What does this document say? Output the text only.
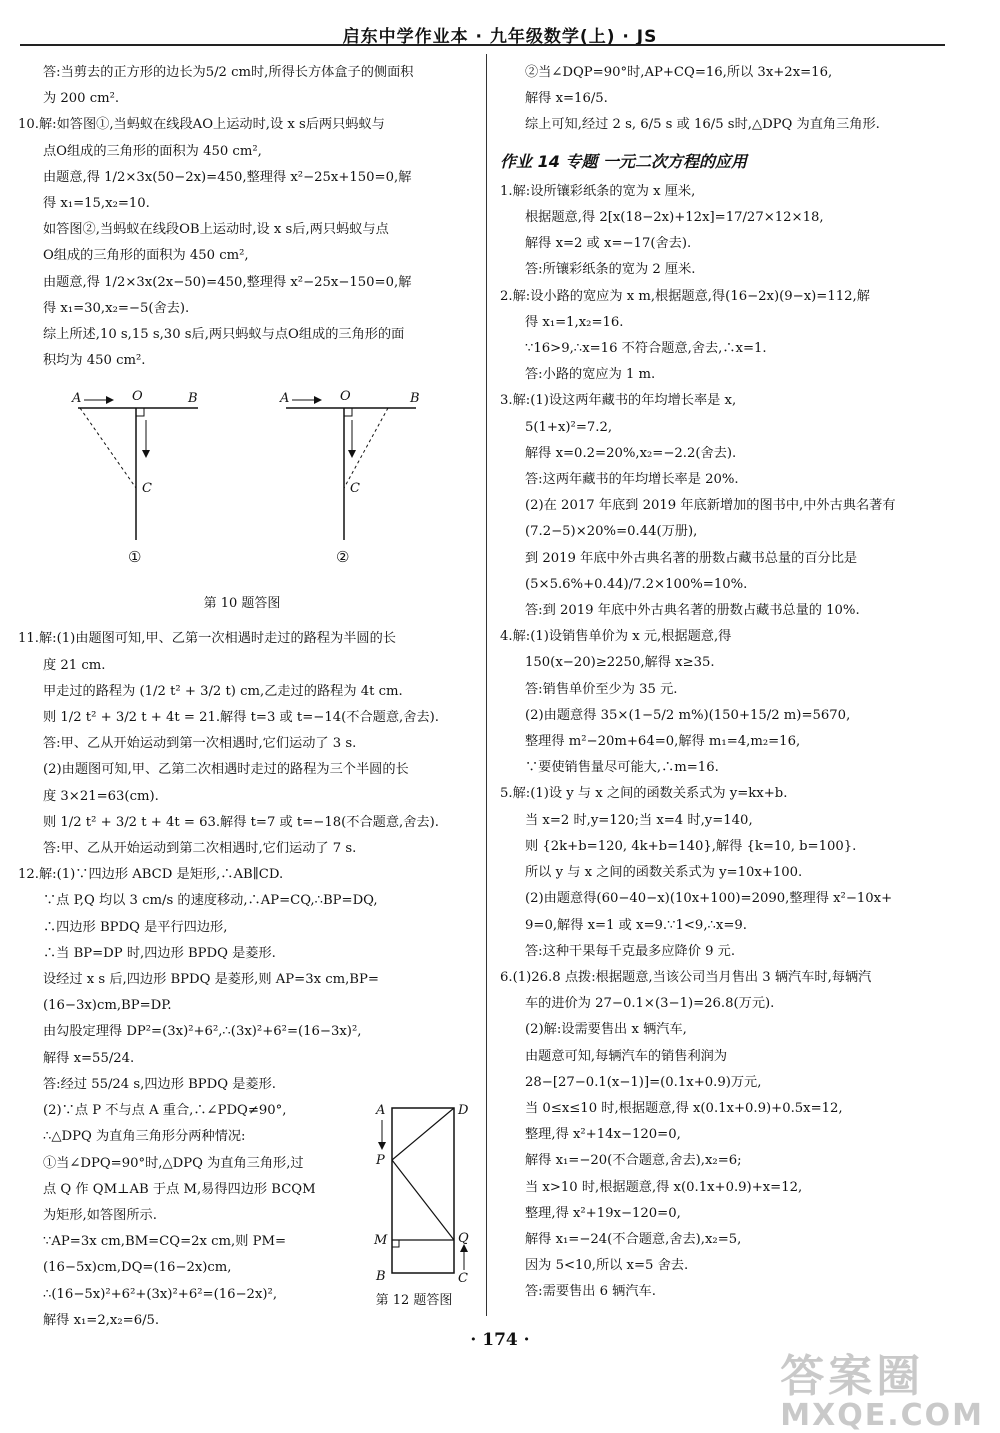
启东中学作业本 · 九年级数学(上) · JS
答:当剪去的正方形的边长为5/2 cm时,所得长方体盒子的侧面积
为 200 cm².
10.解:如答图①,当蚂蚁在线段AO上运动时,设 x s后两只蚂蚁与
点O组成的三角形的面积为 450 cm²,
由题意,得 1/2×3x(50−2x)=450,整理得 x²−25x+150=0,解
得 x₁=15,x₂=10.
如答图②,当蚂蚁在线段OB上运动时,设 x s后,两只蚂蚁与点
O组成的三角形的面积为 450 cm²,
由题意,得 1/2×3x(2x−50)=450,整理得 x²−25x−150=0,解
得 x₁=30,x₂=−5(舍去).
综上所述,10 s,15 s,30 s后,两只蚂蚁与点O组成的三角形的面
积均为 450 cm².
A	O	B
C
①
A	O	B
C
②
第 10 题答图
11.解:(1)由题图可知,甲、乙第一次相遇时走过的路程为半圆的长
度 21 cm.
甲走过的路程为 (1/2 t² + 3/2 t) cm,乙走过的路程为 4t cm.
则 1/2 t² + 3/2 t + 4t = 21.解得 t=3 或 t=−14(不合题意,舍去).
答:甲、乙从开始运动到第一次相遇时,它们运动了 3 s.
(2)由题图可知,甲、乙第二次相遇时走过的路程为三个半圆的长
度 3×21=63(cm).
则 1/2 t² + 3/2 t + 4t = 63.解得 t=7 或 t=−18(不合题意,舍去).
答:甲、乙从开始运动到第二次相遇时,它们运动了 7 s.
12.解:(1)∵四边形 ABCD 是矩形,∴AB∥CD.
∵点 P,Q 均以 3 cm/s 的速度移动,∴AP=CQ,∴BP=DQ,
∴四边形 BPDQ 是平行四边形,
∴当 BP=DP 时,四边形 BPDQ 是菱形.
设经过 x s 后,四边形 BPDQ 是菱形,则 AP=3x cm,BP=
(16−3x)cm,BP=DP.
由勾股定理得 DP²=(3x)²+6²,∴(3x)²+6²=(16−3x)²,
解得 x=55/24.
答:经过 55/24 s,四边形 BPDQ 是菱形.
(2)∵点 P 不与点 A 重合,∴∠PDQ≠90°,
∴△DPQ 为直角三角形分两种情况:
①当∠DPQ=90°时,△DPQ 为直角三角形,过
点 Q 作 QM⊥AB 于点 M,易得四边形 BCQM
为矩形,如答图所示.
∵AP=3x cm,BM=CQ=2x cm,则 PM=
(16−5x)cm,DQ=(16−2x)cm,
∴(16−5x)²+6²+(3x)²+6²=(16−2x)²,
解得 x₁=2,x₂=6/5.
A	D
P
M	Q
B	C
第 12 题答图
②当∠DQP=90°时,AP+CQ=16,所以 3x+2x=16,
解得 x=16/5.
综上可知,经过 2 s, 6/5 s 或 16/5 s时,△DPQ 为直角三角形.
作业 14 专题 一元二次方程的应用
1.解:设所镶彩纸条的宽为 x 厘米,
根据题意,得 2[x(18−2x)+12x]=17/27×12×18,
解得 x=2 或 x=−17(舍去).
答:所镶彩纸条的宽为 2 厘米.
2.解:设小路的宽应为 x m,根据题意,得(16−2x)(9−x)=112,解
得 x₁=1,x₂=16.
∵16>9,∴x=16 不符合题意,舍去,∴x=1.
答:小路的宽应为 1 m.
3.解:(1)设这两年藏书的年均增长率是 x,
5(1+x)²=7.2,
解得 x=0.2=20%,x₂=−2.2(舍去).
答:这两年藏书的年均增长率是 20%.
(2)在 2017 年底到 2019 年底新增加的图书中,中外古典名著有
(7.2−5)×20%=0.44(万册),
到 2019 年底中外古典名著的册数占藏书总量的百分比是
(5×5.6%+0.44)/7.2×100%=10%.
答:到 2019 年底中外古典名著的册数占藏书总量的 10%.
4.解:(1)设销售单价为 x 元,根据题意,得
150(x−20)≥2250,解得 x≥35.
答:销售单价至少为 35 元.
(2)由题意得 35×(1−5/2 m%)(150+15/2 m)=5670,
整理得 m²−20m+64=0,解得 m₁=4,m₂=16,
∵要使销售量尽可能大,∴m=16.
5.解:(1)设 y 与 x 之间的函数关系式为 y=kx+b.
当 x=2 时,y=120;当 x=4 时,y=140,
则 {2k+b=120, 4k+b=140},解得 {k=10, b=100}.
所以 y 与 x 之间的函数关系式为 y=10x+100.
(2)由题意得(60−40−x)(10x+100)=2090,整理得 x²−10x+
9=0,解得 x=1 或 x=9.∵1<9,∴x=9.
答:这种干果每千克最多应降价 9 元.
6.(1)26.8 点拨:根据题意,当该公司当月售出 3 辆汽车时,每辆汽
车的进价为 27−0.1×(3−1)=26.8(万元).
(2)解:设需要售出 x 辆汽车,
由题意可知,每辆汽车的销售利润为
28−[27−0.1(x−1)]=(0.1x+0.9)万元,
当 0≤x≤10 时,根据题意,得 x(0.1x+0.9)+0.5x=12,
整理,得 x²+14x−120=0,
解得 x₁=−20(不合题意,舍去),x₂=6;
当 x>10 时,根据题意,得 x(0.1x+0.9)+x=12,
整理,得 x²+19x−120=0,
解得 x₁=−24(不合题意,舍去),x₂=5,
因为 5<10,所以 x=5 舍去.
答:需要售出 6 辆汽车.
· 174 ·
答案圈
MXQE.COM
